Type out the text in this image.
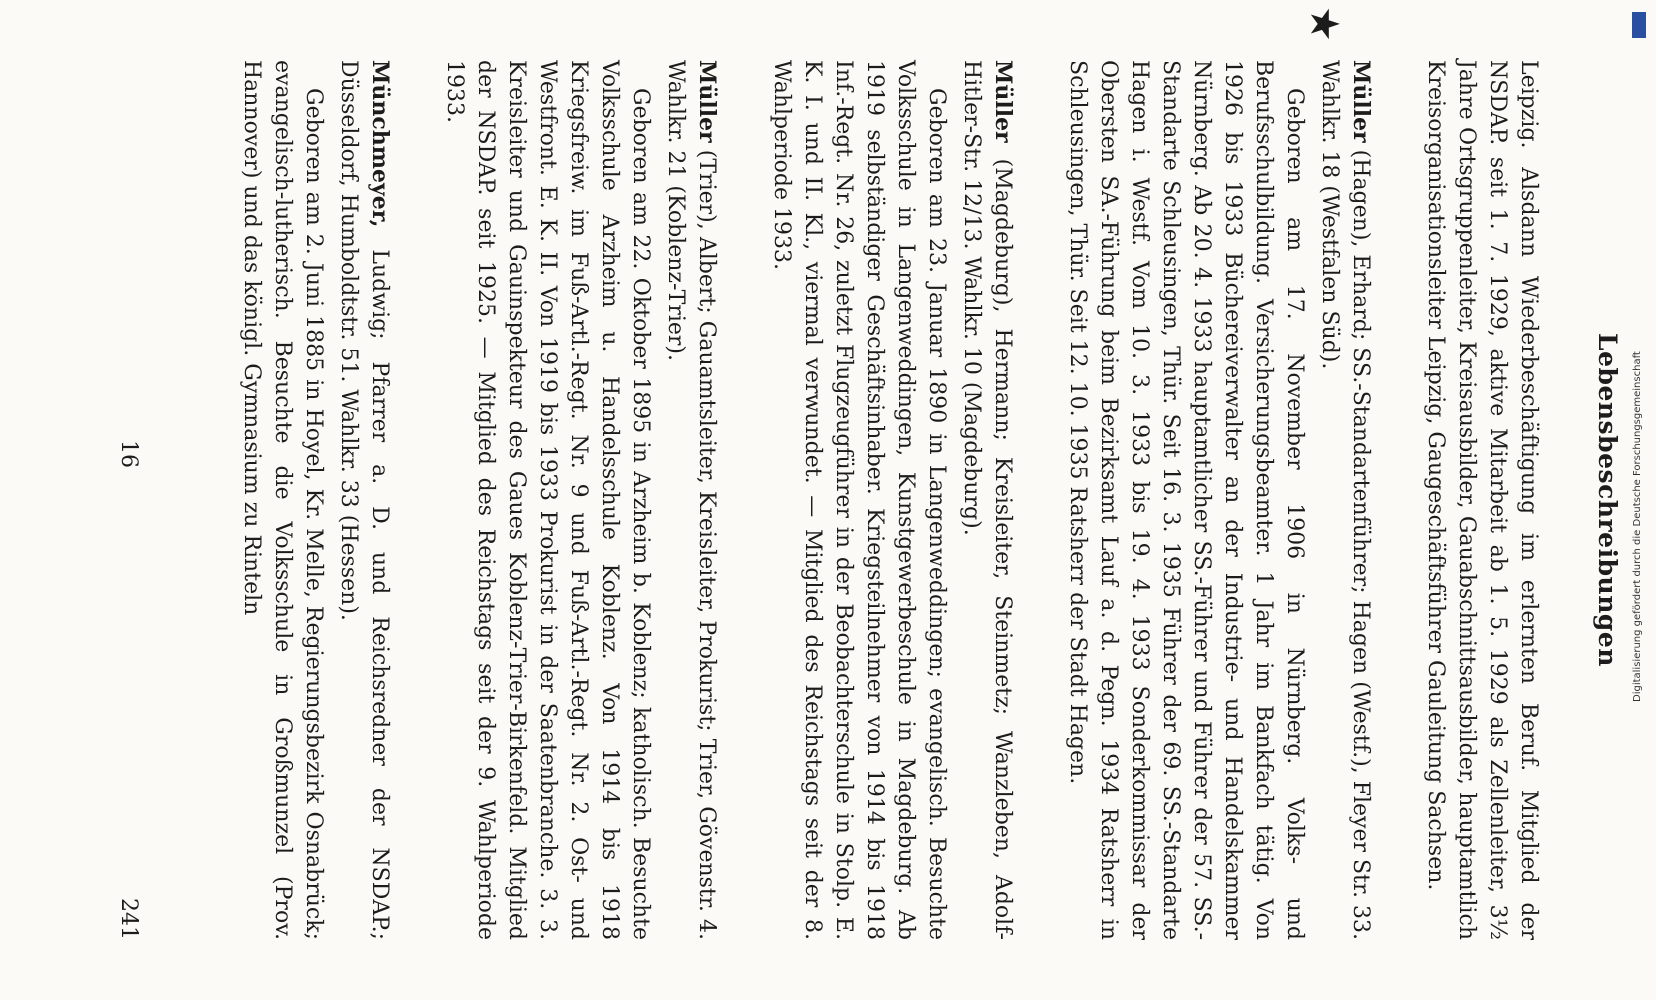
Lebensbeschreibungen
★

Leipzig. Alsdann Wiederbeschäftigung im erlernten Beruf. Mitglied der NSDAP. seit 1. 7. 1929, aktive Mitarbeit ab 1. 5. 1929 als Zellenleiter, 3½ Jahre Ortsgruppenleiter, Kreisausbilder, Gauabschnittsausbilder, hauptamtlich Kreisorganisationsleiter Leipzig, Gaugeschäftsführer Gauleitung Sachsen.

Müller (Hagen), Erhard; SS.-Standartenführer; Hagen (Westf.), Fleyer Str. 33. Wahlkr. 18 (Westfalen Süd).

Geboren am 17. November 1906 in Nürnberg. Volks- und Berufsschulbildung. Versicherungsbeamter. 1 Jahr im Bankfach tätig. Von 1926 bis 1933 Büchereiverwalter an der Industrie- und Handelskammer Nürnberg. Ab 20. 4. 1933 hauptamtlicher SS.-Führer und Führer der 57. SS.-Standarte Schleusingen, Thür. Seit 16. 3. 1935 Führer der 69. SS.-Standarte Hagen i. Westf. Vom 10. 3. 1933 bis 19. 4. 1933 Sonderkommissar der Obersten SA.-Führung beim Bezirksamt Lauf a. d. Pegn. 1934 Ratsherr in Schleusingen, Thür. Seit 12. 10. 1935 Ratsherr der Stadt Hagen.

Müller (Magdeburg), Hermann; Kreisleiter, Steinmetz; Wanzleben, Adolf-Hitler-Str. 12/13. Wahlkr. 10 (Magdeburg).

Geboren am 23. Januar 1890 in Langenweddingen; evangelisch. Besuchte Volksschule in Langenweddingen, Kunstgewerbeschule in Magdeburg. Ab 1919 selbständiger Geschäftsinhaber. Kriegsteilnehmer von 1914 bis 1918 Inf.-Regt. Nr. 26, zuletzt Flugzeugführer in der Beobachterschule in Stolp. E. K. I. und II. Kl., viermal verwundet. — Mitglied des Reichstags seit der 8. Wahlperiode 1933.

Müller (Trier), Albert; Gauamtsleiter, Kreisleiter, Prokurist; Trier, Gövenstr. 4. Wahlkr. 21 (Koblenz-Trier).

Geboren am 22. Oktober 1895 in Arzheim b. Koblenz; katholisch. Besuchte Volksschule Arzheim u. Handelsschule Koblenz. Von 1914 bis 1918 Kriegsfreiw. im Fuß-Artl.-Regt. Nr. 9 und Fuß-Artl.-Regt. Nr. 2. Ost- und Westfront. E. K. II. Von 1919 bis 1933 Prokurist in der Saatenbranche. 3. 3. Kreisleiter und Gauinspekteur des Gaues Koblenz-Trier-Birkenfeld. Mitglied der NSDAP. seit 1925. — Mitglied des Reichstags seit der 9. Wahlperiode 1933.

Münchmeyer, Ludwig; Pfarrer a. D. und Reichsredner der NSDAP.; Düsseldorf, Humboldtstr. 51. Wahlkr. 33 (Hessen).

Geboren am 2. Juni 1885 in Hoyel, Kr. Melle, Regierungsbezirk Osnabrück; evangelisch-lutherisch. Besuchte die Volksschule in Großmunzel (Prov. Hannover) und das königl. Gymnasium zu Rinteln

16
241
Digitalisierung gefördert durch die Deutsche Forschungsgemeinschaft
